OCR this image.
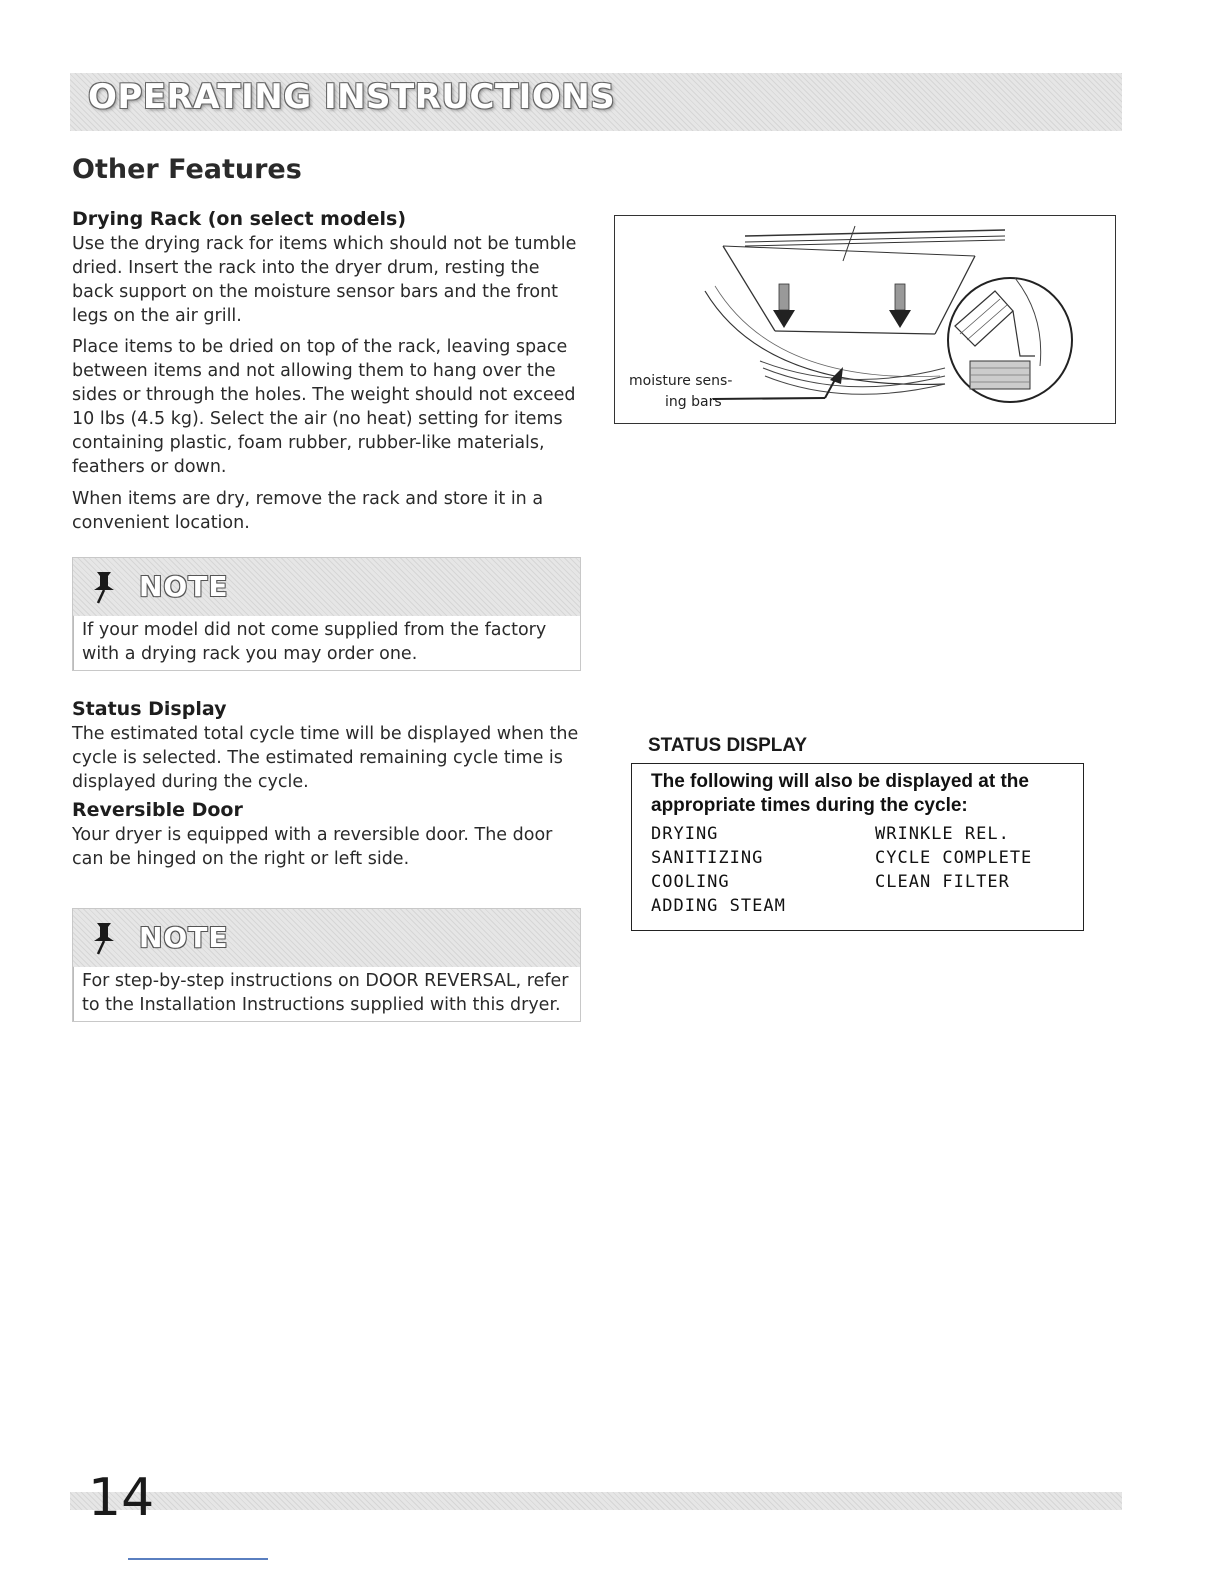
OPERATING INSTRUCTIONS
Other Features
Drying Rack (on select models)

Use the drying rack for items which should not be tumble dried. Insert the rack into the dryer drum, resting the back support on the moisture sensor bars and the front legs on the air grill.

Place items to be dried on top of the rack, leaving space between items and not allowing them to hang over the sides or through the holes. The weight should not exceed 10 lbs (4.5 kg). Select the air (no heat) setting for items containing plastic, foam rubber, rubber-like materials, feathers or down.

When items are dry, remove the rack and store it in a convenient location.

moisture sens-
ing bars
NOTE
If your model did not come supplied from the factory with a drying rack you may order one.
Status Display

The estimated total cycle time will be displayed when the cycle is selected. The estimated remaining cycle time is displayed during the cycle.

Reversible Door

Your dryer is equipped with a reversible door. The door can be hinged on the right or left side.

NOTE
For step-by-step instructions on DOOR REVERSAL, refer to the Installation Instructions supplied with this dryer.
STATUS DISPLAY

The following will also be displayed at the appropriate times during the cycle:

DRYING
SANITIZING
COOLING
ADDING STEAM
WRINKLE REL.
CYCLE COMPLETE
CLEAN FILTER

14
